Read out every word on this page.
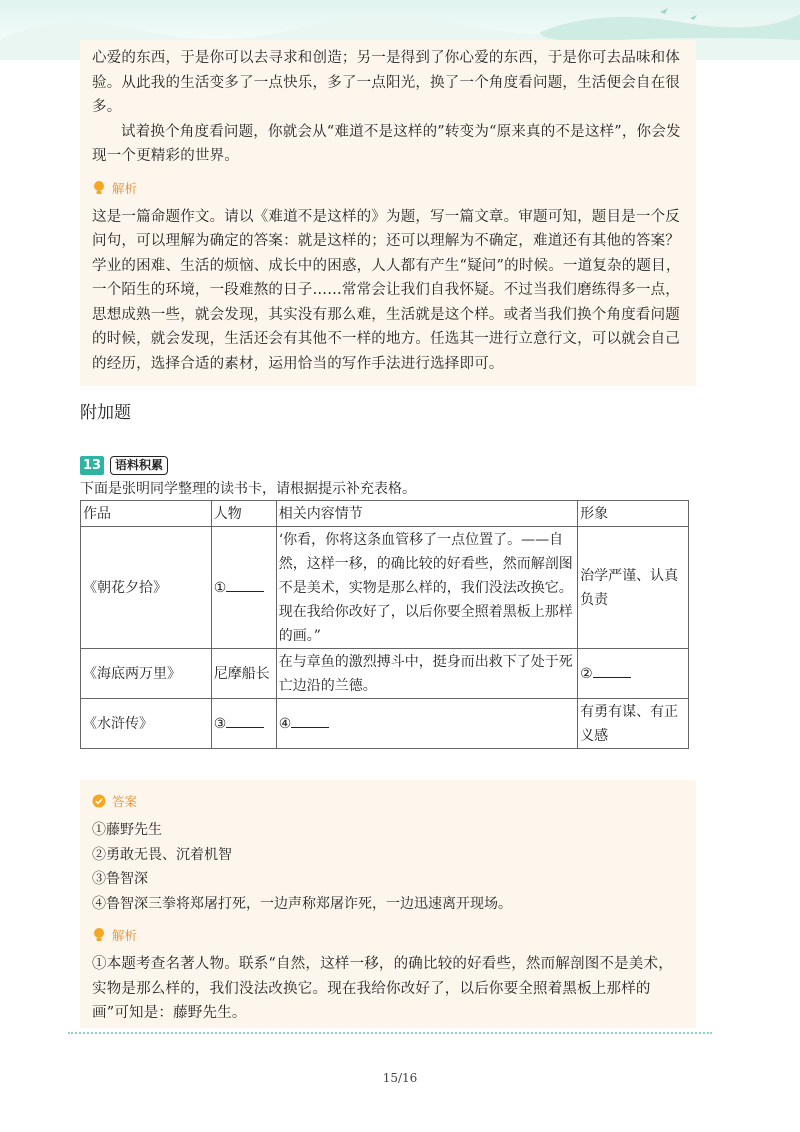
心爱的东西，于是你可以去寻求和创造；另一是得到了你心爱的东西，于是你可去品味和体验。从此我的生活变多了一点快乐，多了一点阳光，换了一个角度看问题，生活便会自在很多。

试着换个角度看问题，你就会从“难道不是这样的”转变为“原来真的不是这样”，你会发现一个更精彩的世界。

解析

这是一篇命题作文。请以《难道不是这样的》为题，写一篇文章。审题可知，题目是一个反问句，可以理解为确定的答案：就是这样的；还可以理解为不确定，难道还有其他的答案？学业的困难、生活的烦恼、成长中的困惑，人人都有产生“疑问”的时候。一道复杂的题目，一个陌生的环境，一段难熬的日子……常常会让我们自我怀疑。不过当我们磨练得多一点，思想成熟一些，就会发现，其实没有那么难，生活就是这个样。或者当我们换个角度看问题的时候，就会发现，生活还会有其他不一样的地方。任选其一进行立意行文，可以就会自己的经历，选择合适的素材，运用恰当的写作手法进行选择即可。

附加题
13	语料积累
下面是张明同学整理的读书卡，请根据提示补充表格。
作品	人物	相关内容情节	形象
《朝花夕拾》	①	‘你看，你将这条血管移了一点位置了。——自然，这样一移，的确比较的好看些，然而解剖图不是美术，实物是那么样的，我们没法改换它。现在我给你改好了，以后你要全照着黑板上那样的画。”	治学严谨、认真负责
《海底两万里》	尼摩船长	在与章鱼的激烈搏斗中，挺身而出救下了处于死亡边沿的兰德。	②
《水浒传》	③	④	有勇有谋、有正义感
答案

①藤野先生

②勇敢无畏、沉着机智

③鲁智深

④鲁智深三拳将郑屠打死，一边声称郑屠诈死，一边迅速离开现场。

解析

①本题考查名著人物。联系“自然，这样一移，的确比较的好看些，然而解剖图不是美术，实物是那么样的，我们没法改换它。现在我给你改好了，以后你要全照着黑板上那样的画”可知是：藤野先生。

15/16
